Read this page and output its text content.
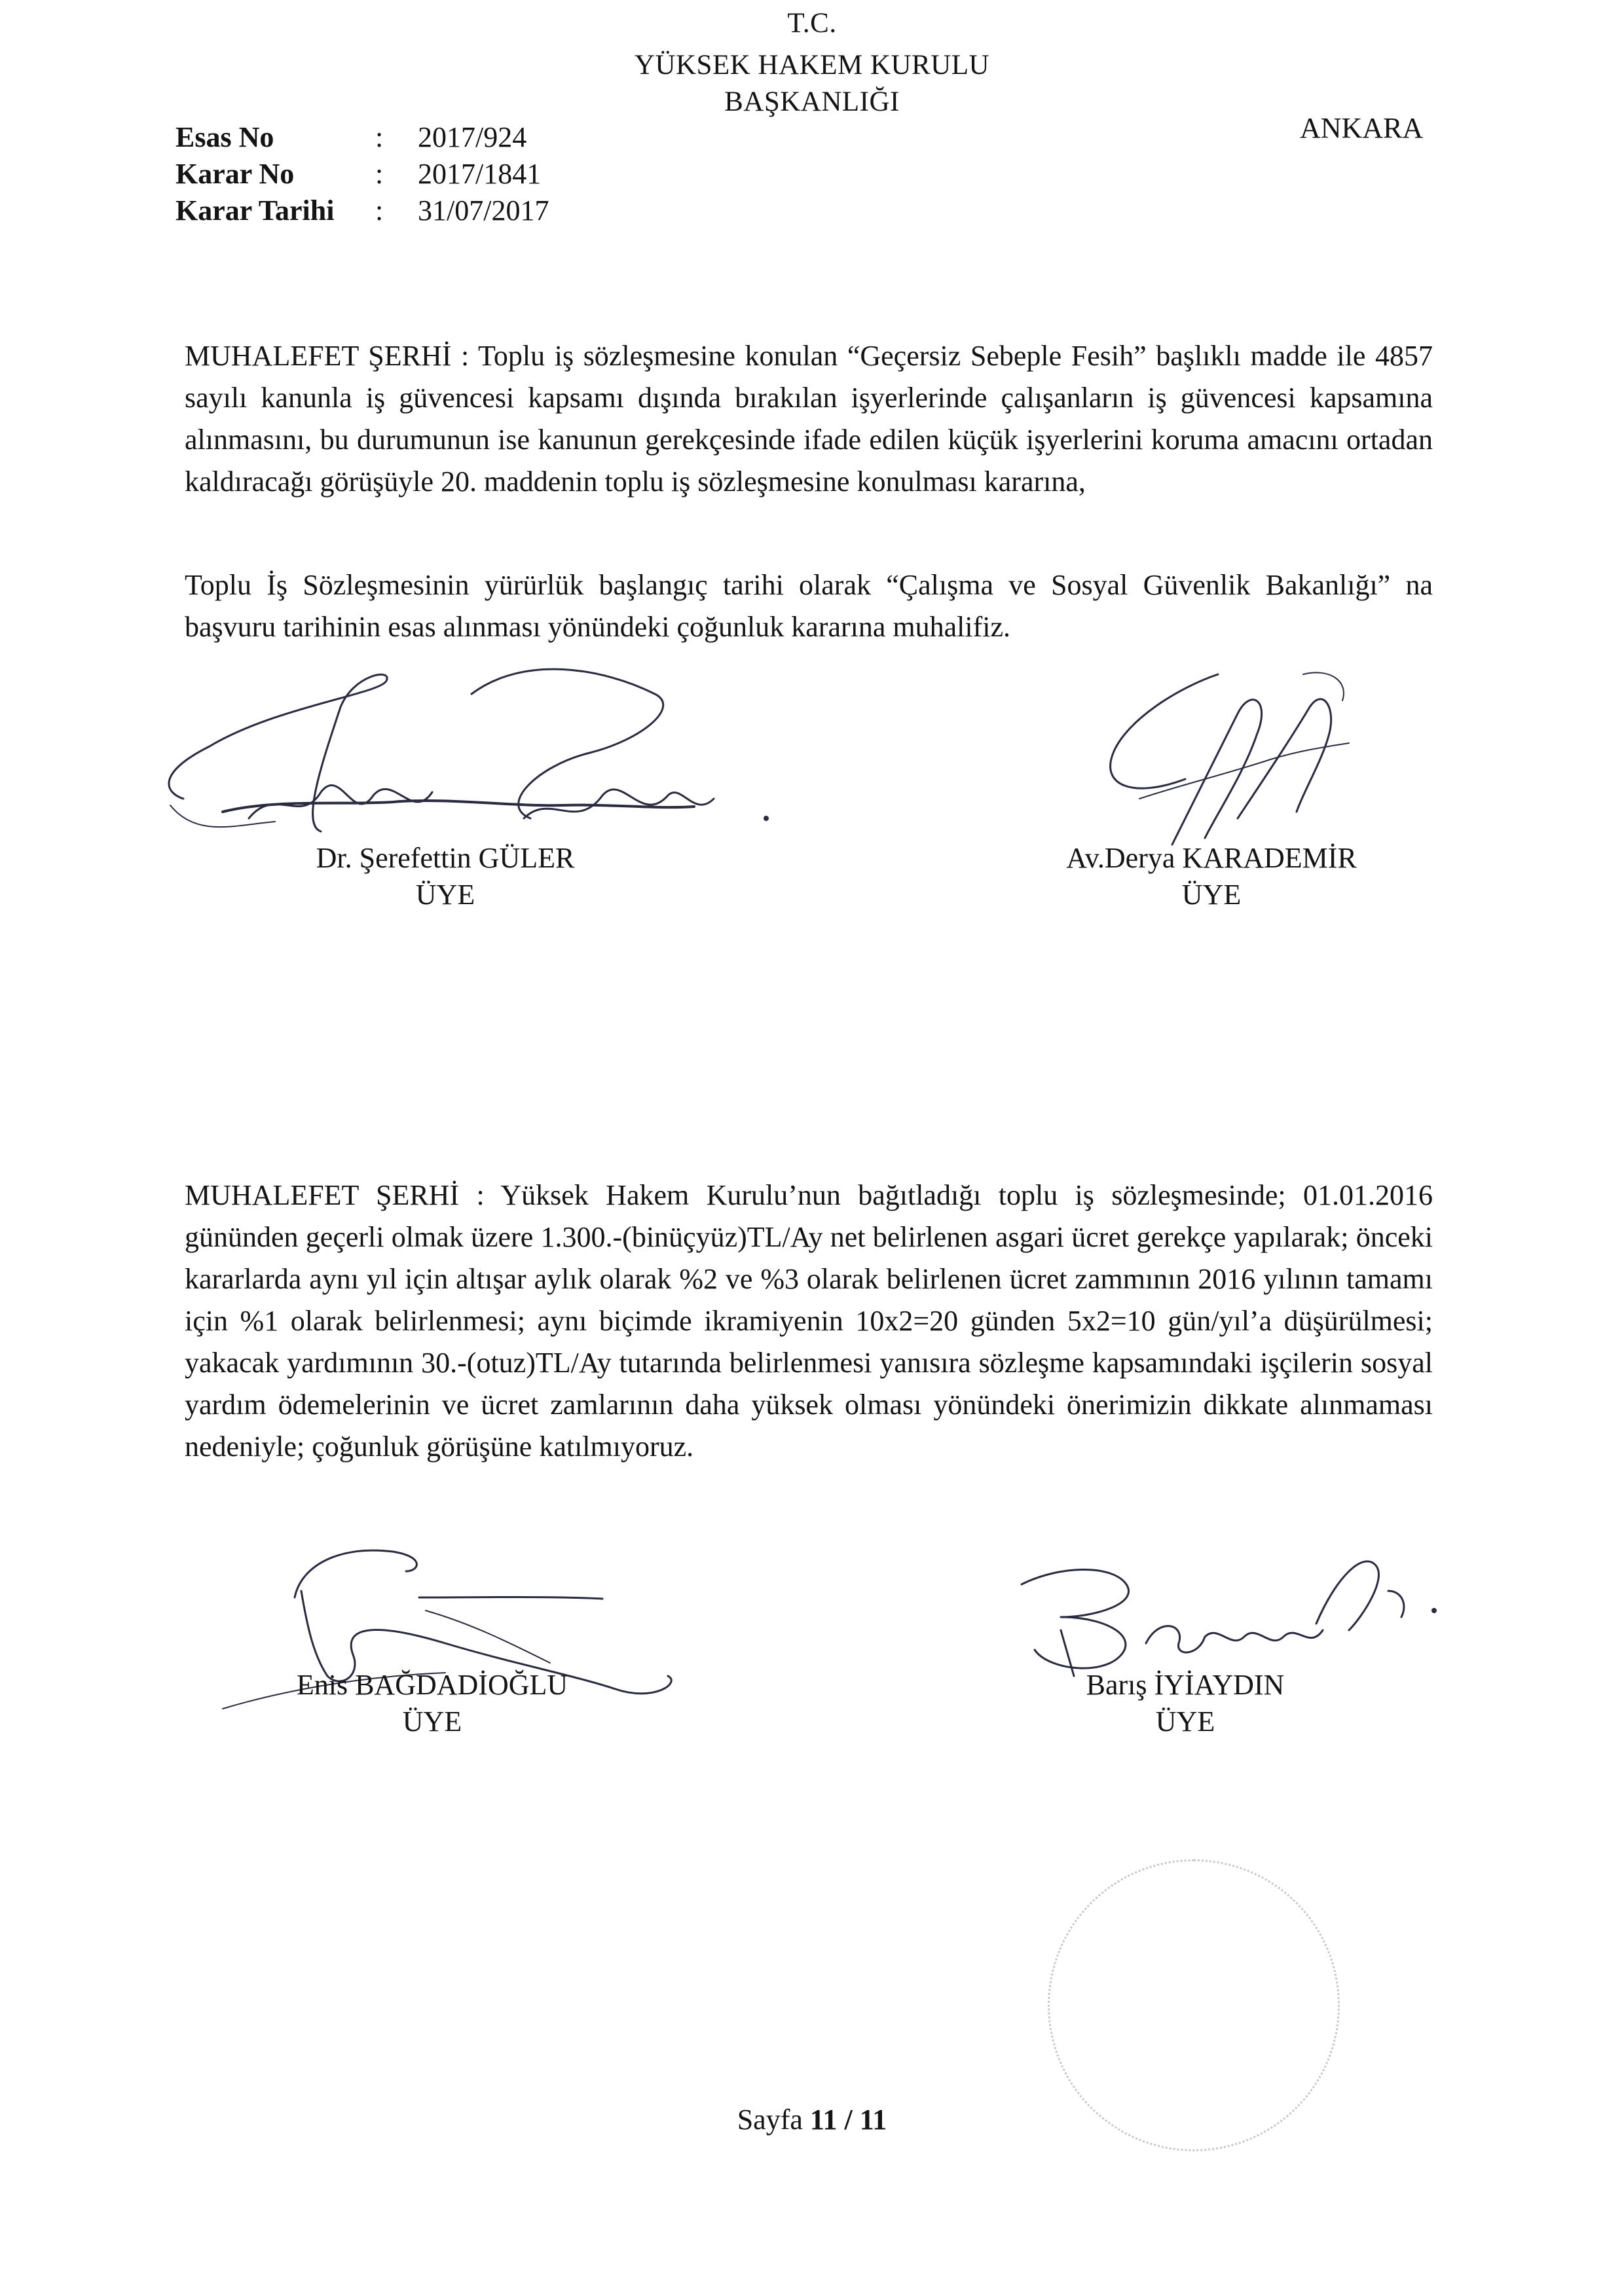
T.C.
YÜKSEK HAKEM KURULU
BAŞKANLIĞI
ANKARA
Esas No	: 2017/924
Karar No	: 2017/1841
Karar Tarihi : 31/07/2017
MUHALEFET ŞERHİ : Toplu iş sözleşmesine konulan “Geçersiz Sebeple Fesih” başlıklı madde ile 4857 sayılı kanunla iş güvencesi kapsamı dışında bırakılan işyerlerinde çalışanların iş güvencesi kapsamına alınmasını, bu durumunun ise kanunun gerekçesinde ifade edilen küçük işyerlerini koruma amacını ortadan kaldıracağı görüşüyle 20. maddenin toplu iş sözleşmesine konulması kararına,
Toplu İş Sözleşmesinin yürürlük başlangıç tarihi olarak “Çalışma ve Sosyal Güvenlik Bakanlığı” na başvuru tarihinin esas alınması yönündeki çoğunluk kararına muhalifiz.
Dr. Şerefettin GÜLER
ÜYE
Av.Derya KARADEMİR
ÜYE
MUHALEFET ŞERHİ : Yüksek Hakem Kurulu’nun bağıtladığı toplu iş sözleşmesinde; 01.01.2016 gününden geçerli olmak üzere 1.300.-(binüçyüz)TL/Ay net belirlenen asgari ücret gerekçe yapılarak; önceki kararlarda aynı yıl için altışar aylık olarak %2 ve %3 olarak belirlenen ücret zammının 2016 yılının tamamı için %1 olarak belirlenmesi; aynı biçimde ikramiyenin 10x2=20 günden 5x2=10 gün/yıl’a düşürülmesi; yakacak yardımının 30.-(otuz)TL/Ay tutarında belirlenmesi yanısıra sözleşme kapsamındaki işçilerin sosyal yardım ödemelerinin ve ücret zamlarının daha yüksek olması yönündeki önerimizin dikkate alınmaması nedeniyle; çoğunluk görüşüne katılmıyoruz.
Enis BAĞDADİOĞLU
ÜYE
Barış İYİAYDIN
ÜYE
Sayfa 11 / 11
